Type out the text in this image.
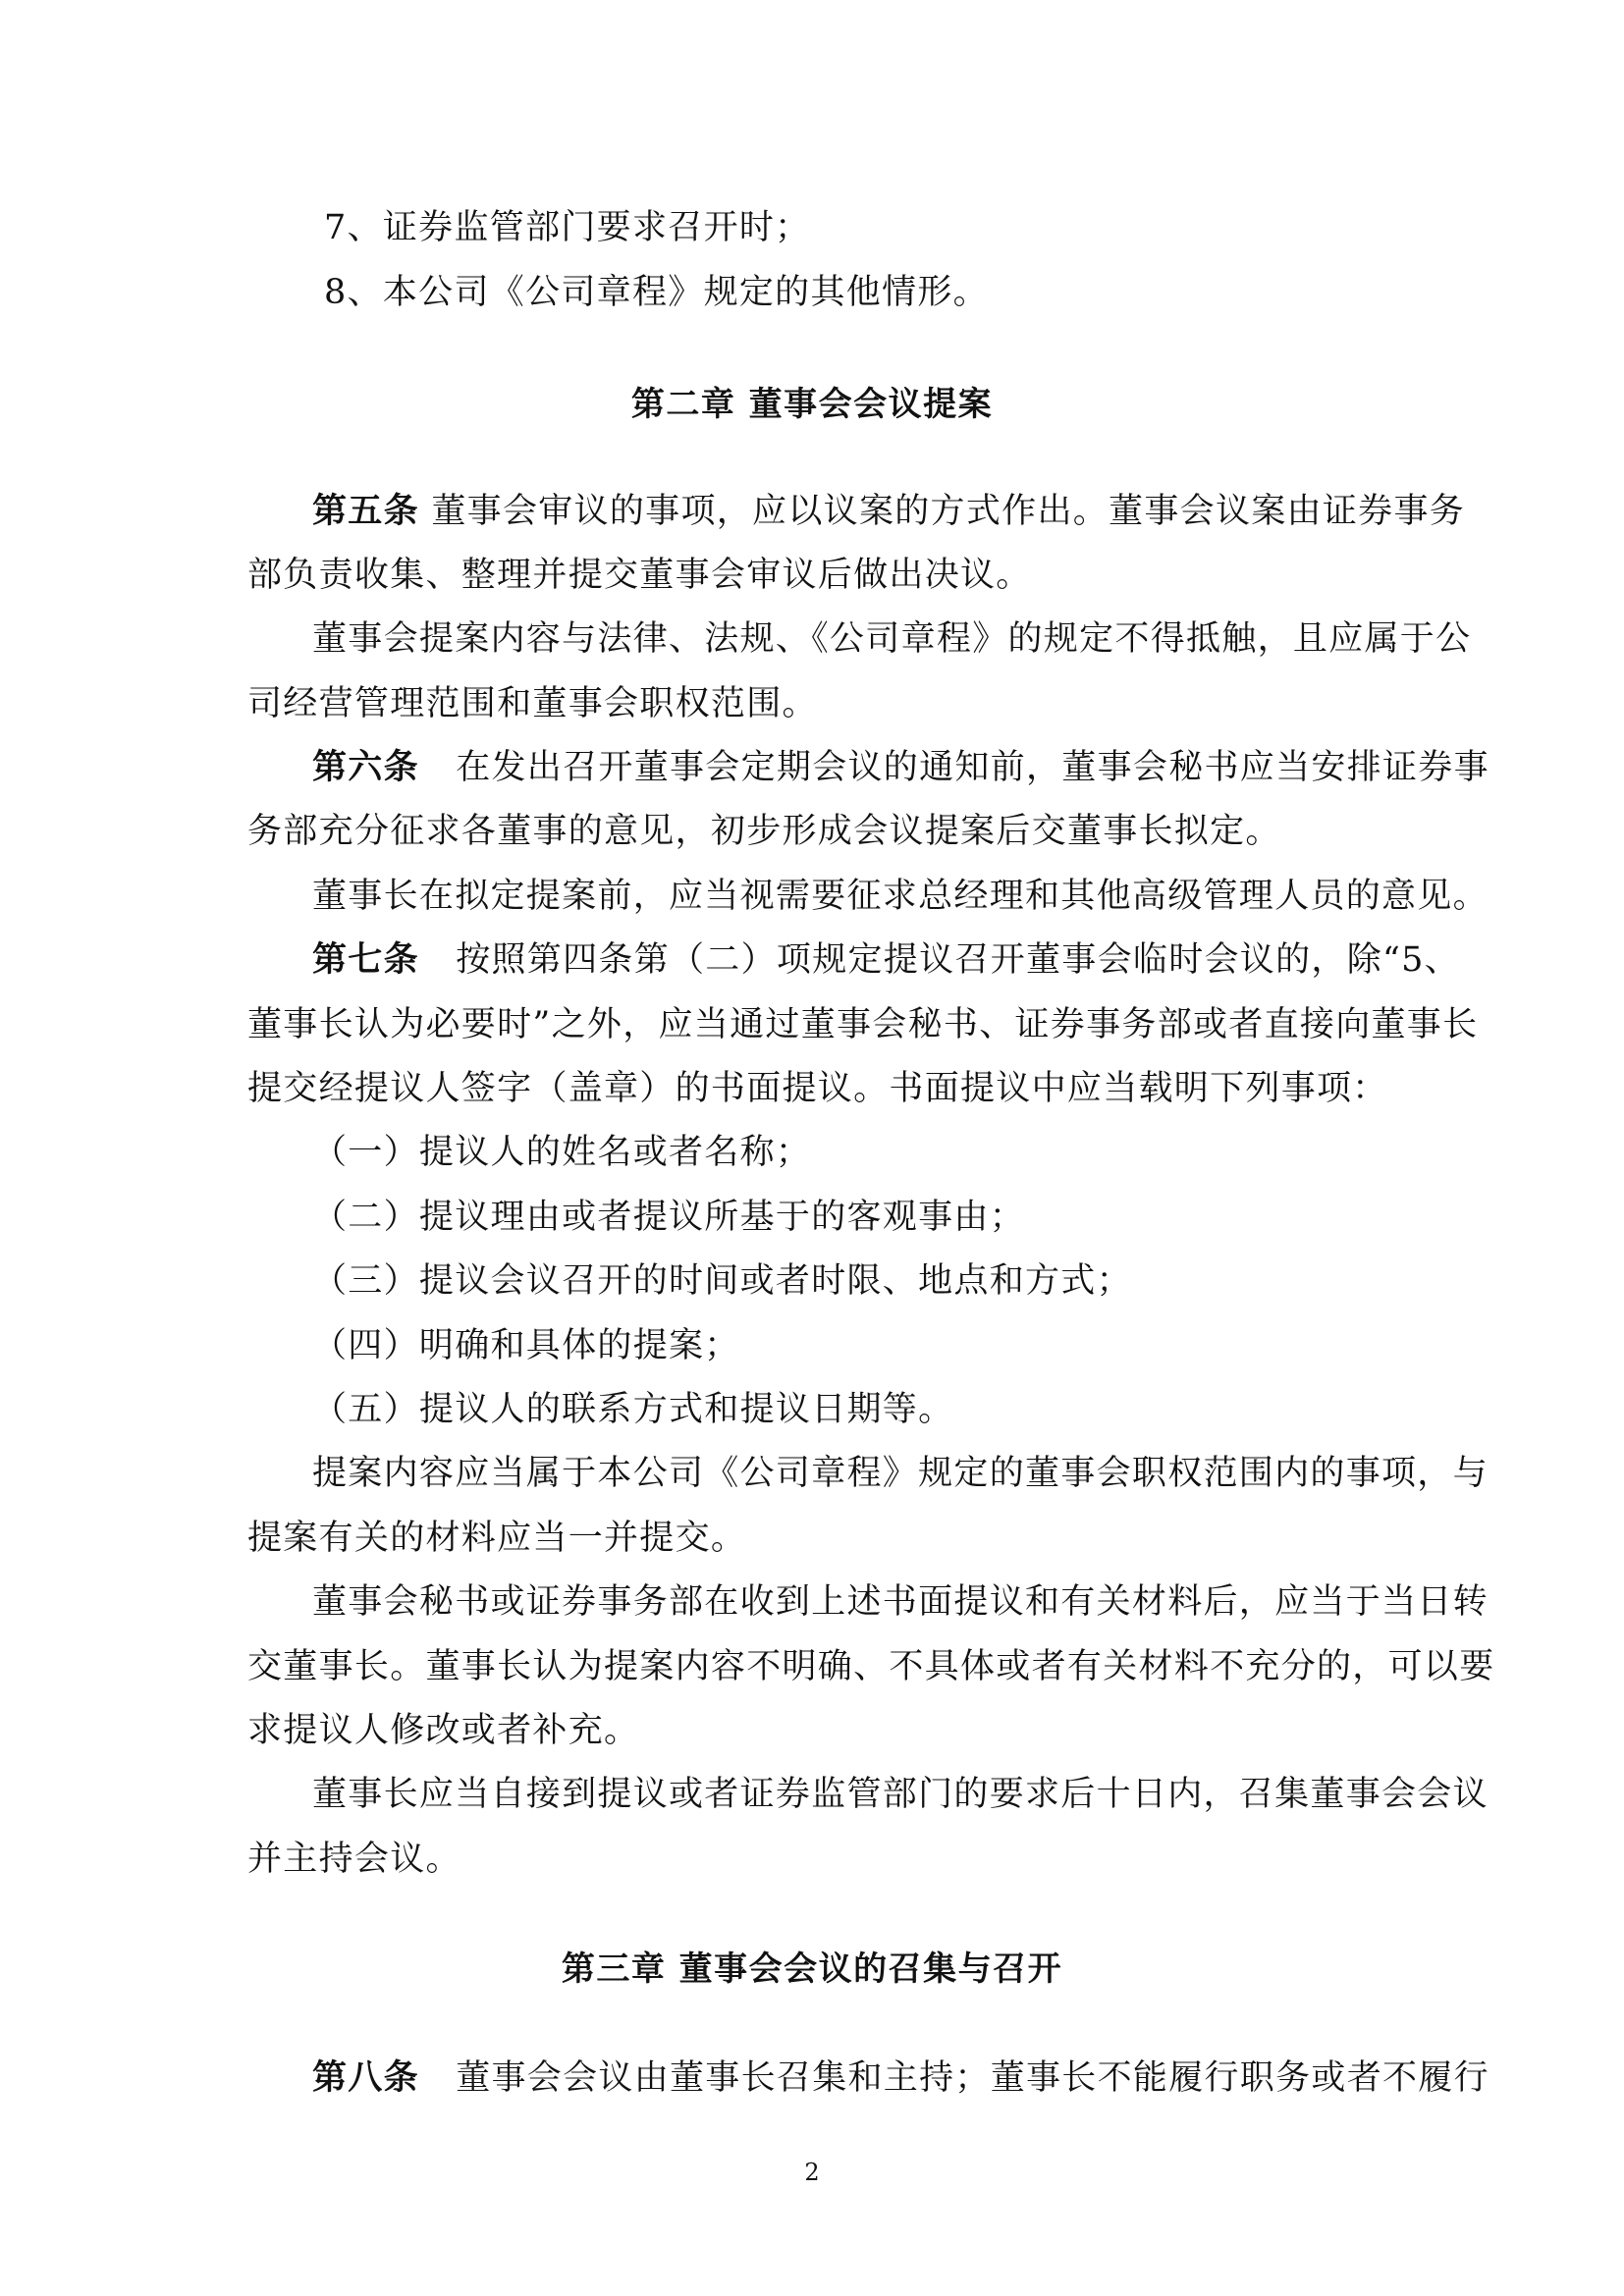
7、证券监管部门要求召开时；
8、本公司《公司章程》规定的其他情形。
第二章 董事会会议提案
第五条 董事会审议的事项，应以议案的方式作出。董事会议案由证券事务
部负责收集、整理并提交董事会审议后做出决议。
董事会提案内容与法律、法规、《公司章程》的规定不得抵触，且应属于公
司经营管理范围和董事会职权范围。
第六条 在发出召开董事会定期会议的通知前，董事会秘书应当安排证券事
务部充分征求各董事的意见，初步形成会议提案后交董事长拟定。
董事长在拟定提案前，应当视需要征求总经理和其他高级管理人员的意见。
第七条 按照第四条第（二）项规定提议召开董事会临时会议的，除“5、
董事长认为必要时”之外，应当通过董事会秘书、证券事务部或者直接向董事长
提交经提议人签字（盖章）的书面提议。书面提议中应当载明下列事项：
（一）提议人的姓名或者名称；
（二）提议理由或者提议所基于的客观事由；
（三）提议会议召开的时间或者时限、地点和方式；
（四）明确和具体的提案；
（五）提议人的联系方式和提议日期等。
提案内容应当属于本公司《公司章程》规定的董事会职权范围内的事项，与
提案有关的材料应当一并提交。
董事会秘书或证券事务部在收到上述书面提议和有关材料后，应当于当日转
交董事长。董事长认为提案内容不明确、不具体或者有关材料不充分的，可以要
求提议人修改或者补充。
董事长应当自接到提议或者证券监管部门的要求后十日内，召集董事会会议
并主持会议。
第三章 董事会会议的召集与召开
第八条 董事会会议由董事长召集和主持；董事长不能履行职务或者不履行
2
